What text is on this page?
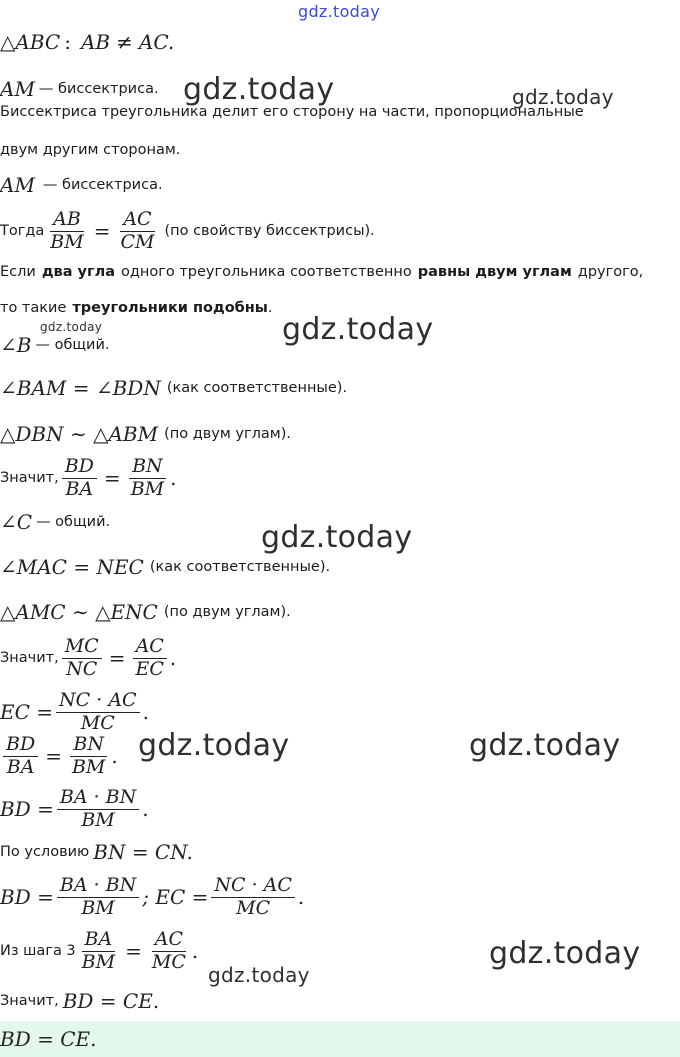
△ ABC : AB ≠ AC.
AM — биссектриса.
Биссектриса треугольника делит его сторону на части, пропорциональные
двум другим сторонам.
AM — биссектриса.
Тогда $\frac{AB}{BM} = \frac{AC}{CM} (по$ свойству биссектрисы).
Если два угла одного треугольника соответственно равны двум углам другого,
то такие треугольники подобны .
∠ B — общий.
∠BAM = ∠BDN (как соответственные).
△DBN ∼ △ABM (по двум углам).
Значит, $\frac{BD}{BA} = \frac{BN}{BM}$ .
∠ C — общий.
∠MAC = NEC (как соответственные).
△AMC ∼ △ENC (по двум углам).
Значит, $\frac{MC}{NC} = \frac{AC}{EC}$ .
EC = $\frac{NC \cdot AC}{MC}$ .
$\frac{BD}{BA} = \frac{BN}{BM}$ .
BD = $\frac{BA \cdot BN}{BM}$ .
По условию BN = CN.
BD = $\frac{BA \cdot BN}{BM}$ ; EC = $\frac{NC \cdot AC}{MC}$ .
Из шага $3 \frac{BA}{BM} = \frac{AC}{MC}$ .
Значит, BD = CE.
BD = CE.
gdz.today
gdz.today	gdz.today
gdz.today	gdz.today
gdz.today
gdz.today	gdz.today
gdz.today
gdz.today
